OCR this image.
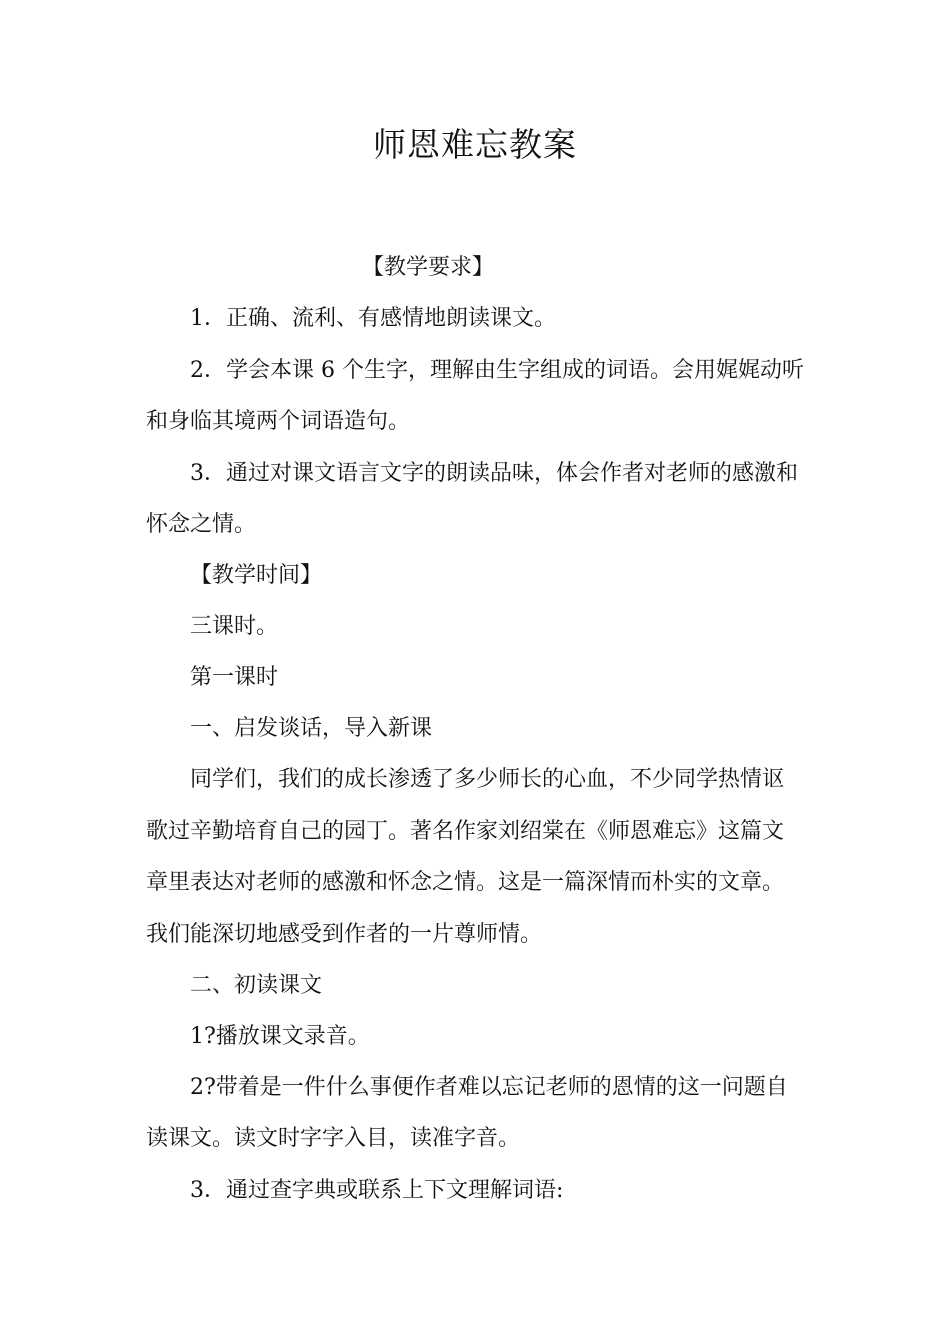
师恩难忘教案
【教学要求】
1．正确、流利、有感情地朗读课文。
2．学会本课 6 个生字，理解由生字组成的词语。会用娓娓动听
和身临其境两个词语造句。
3．通过对课文语言文字的朗读品味，体会作者对老师的感激和
怀念之情。
【教学时间】
三课时。
第一课时
一、启发谈话，导入新课
同学们，我们的成长渗透了多少师长的心血，不少同学热情讴
歌过辛勤培育自己的园丁。著名作家刘绍棠在《师恩难忘》这篇文
章里表达对老师的感激和怀念之情。这是一篇深情而朴实的文章。
我们能深切地感受到作者的一片尊师情。
二、初读课文
1?播放课文录音。
2?带着是一件什么事便作者难以忘记老师的恩情的这一问题自
读课文。读文时字字入目，读准字音。
3．通过查字典或联系上下文理解词语:
